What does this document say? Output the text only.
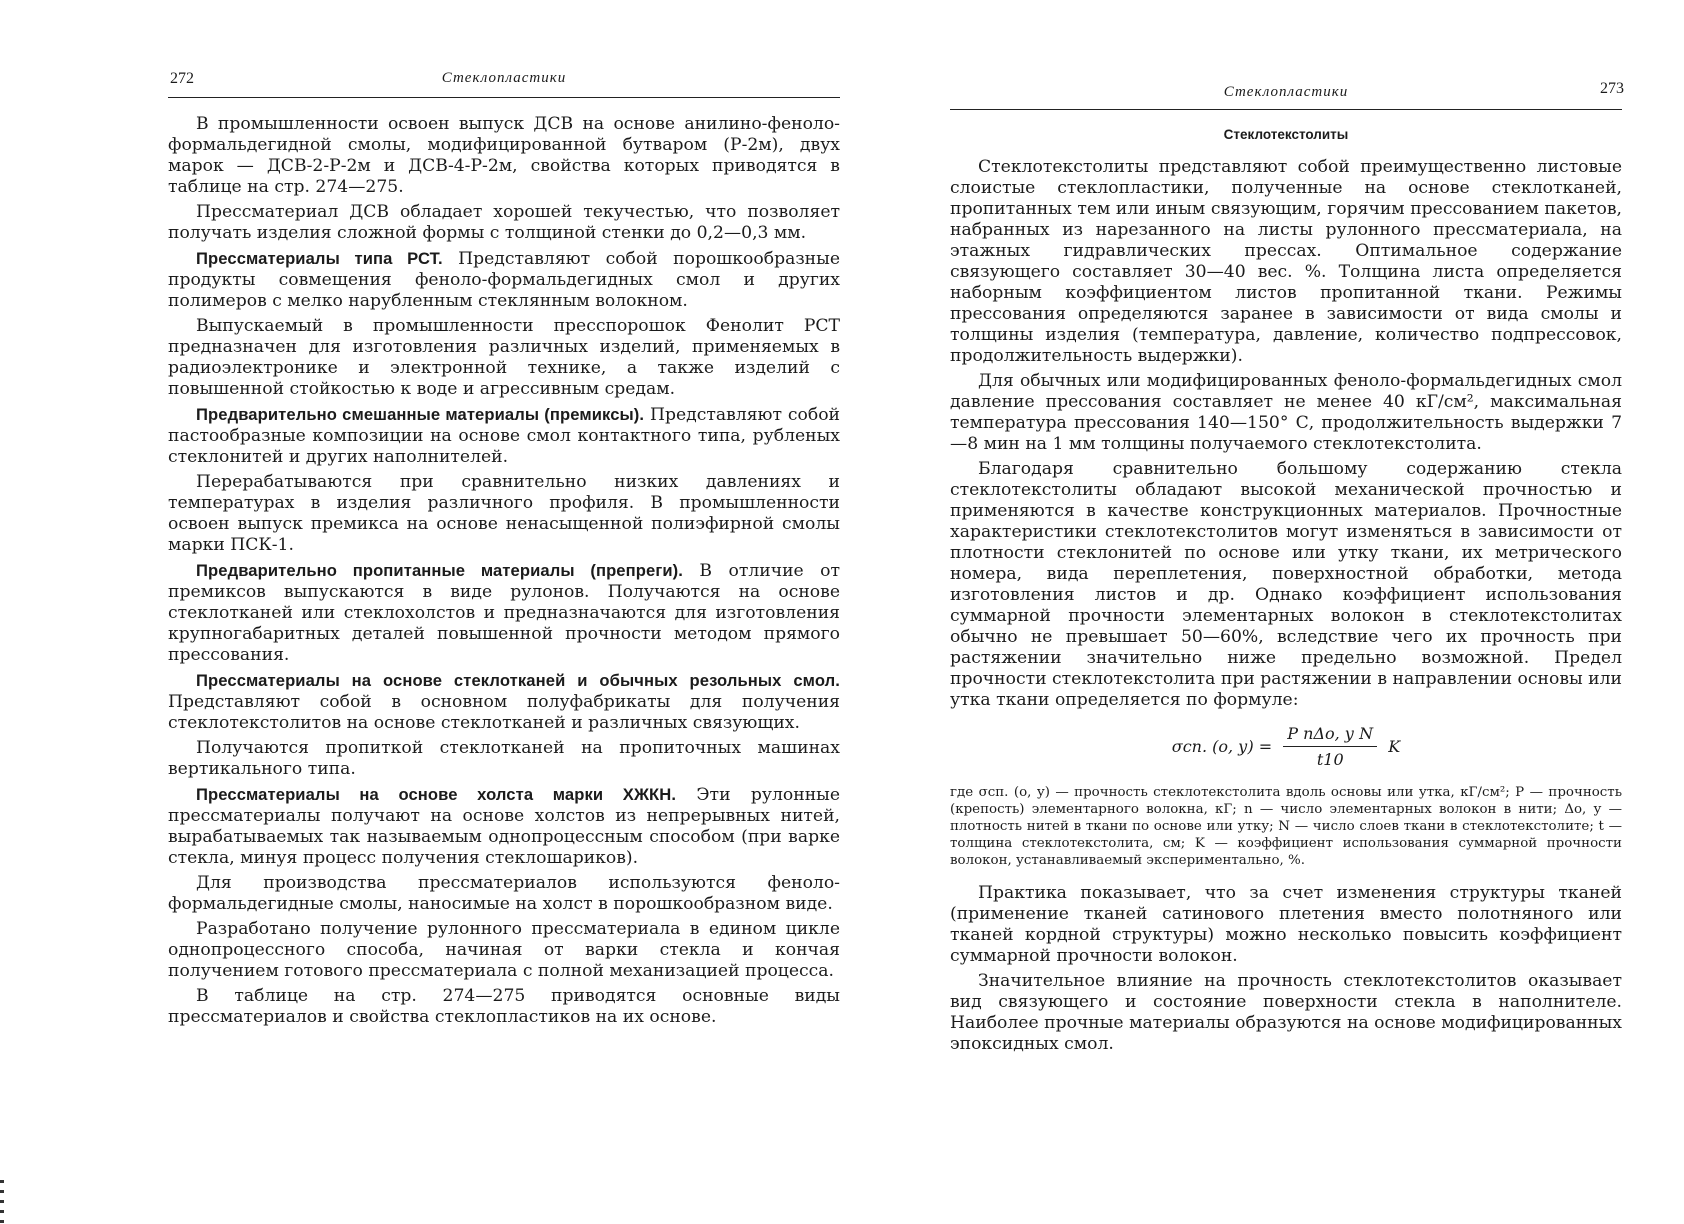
272	Стеклопластики

В промышленности освоен выпуск ДСВ на основе анилино-феноло-формальдегидной смолы, модифицированной бутваром (Р-2м), двух марок — ДСВ-2-Р-2м и ДСВ-4-Р-2м, свойства которых приводятся в таблице на стр. 274—275.

Прессматериал ДСВ обладает хорошей текучестью, что позволяет получать изделия сложной формы с толщиной стенки до 0,2—0,3 мм.

Прессматериалы типа РСТ. Представляют собой порошкообразные продукты совмещения феноло-формальдегидных смол и других полимеров с мелко нарубленным стеклянным волокном.

Выпускаемый в промышленности пресспорошок Фенолит РСТ предназначен для изготовления различных изделий, применяемых в радиоэлектронике и электронной технике, а также изделий с повышенной стойкостью к воде и агрессивным средам.

Предварительно смешанные материалы (премиксы). Представляют собой пастообразные композиции на основе смол контактного типа, рубленых стеклонитей и других наполнителей.

Перерабатываются при сравнительно низких давлениях и температурах в изделия различного профиля. В промышленности освоен выпуск премикса на основе ненасыщенной полиэфирной смолы марки ПСК-1.

Предварительно пропитанные материалы (препреги). В отличие от премиксов выпускаются в виде рулонов. Получаются на основе стеклотканей или стеклохолстов и предназначаются для изготовления крупногабаритных деталей повышенной прочности методом прямого прессования.

Прессматериалы на основе стеклотканей и обычных резольных смол. Представляют собой в основном полуфабрикаты для получения стеклотекстолитов на основе стеклотканей и различных связующих.

Получаются пропиткой стеклотканей на пропиточных машинах вертикального типа.

Прессматериалы на основе холста марки ХЖКН. Эти рулонные прессматериалы получают на основе холстов из непрерывных нитей, вырабатываемых так называемым однопроцессным способом (при варке стекла, минуя процесс получения стеклошариков).

Для производства прессматериалов используются феноло-формальдегидные смолы, наносимые на холст в порошкообразном виде.

Разработано получение рулонного прессматериала в едином цикле однопроцессного способа, начиная от варки стекла и кончая получением готового прессматериала с полной механизацией процесса.

В таблице на стр. 274—275 приводятся основные виды прессматериалов и свойства стеклопластиков на их основе.

Стеклопластики	273
Стеклотекстолиты

Стеклотекстолиты представляют собой преимущественно листовые слоистые стеклопластики, полученные на основе стеклотканей, пропитанных тем или иным связующим, горячим прессованием пакетов, набранных из нарезанного на листы рулонного прессматериала, на этажных гидравлических прессах. Оптимальное содержание связующего составляет 30—40 вес. %. Толщина листа определяется наборным коэффициентом листов пропитанной ткани. Режимы прессования определяются заранее в зависимости от вида смолы и толщины изделия (температура, давление, количество подпрессовок, продолжительность выдержки).

Для обычных или модифицированных феноло-формальдегидных смол давление прессования составляет не менее 40 кГ/см², максимальная температура прессования 140—150° С, продолжительность выдержки 7—8 мин на 1 мм толщины получаемого стеклотекстолита.

Благодаря сравнительно большому содержанию стекла стеклотекстолиты обладают высокой механической прочностью и применяются в качестве конструкционных материалов. Прочностные характеристики стеклотекстолитов могут изменяться в зависимости от плотности стеклонитей по основе или утку ткани, их метрического номера, вида переплетения, поверхностной обработки, метода изготовления листов и др. Однако коэффициент использования суммарной прочности элементарных волокон в стеклотекстолитах обычно не превышает 50—60%, вследствие чего их прочность при растяжении значительно ниже предельно возможной. Предел прочности стеклотекстолита при растяжении в направлении основы или утка ткани определяется по формуле:

σсп. (о, $у) = \frac{\text{P nΔо, у N}}{t10}$ K

где σсп. (о, у) — прочность стеклотекстолита вдоль основы или утка, кГ/см²; P — прочность (крепость) элементарного волокна, кГ; n — число элементарных волокон в нити; Δо, у — плотность нитей в ткани по основе или утку; N — число слоев ткани в стеклотекстолите; t — толщина стеклотекстолита, см; K — коэффициент использования суммарной прочности волокон, устанавливаемый экспериментально, %.

Практика показывает, что за счет изменения структуры тканей (применение тканей сатинового плетения вместо полотняного или тканей кордной структуры) можно несколько повысить коэффициент суммарной прочности волокон.

Значительное влияние на прочность стеклотекстолитов оказывает вид связующего и состояние поверхности стекла в наполнителе. Наиболее прочные материалы образуются на основе модифицированных эпоксидных смол.
